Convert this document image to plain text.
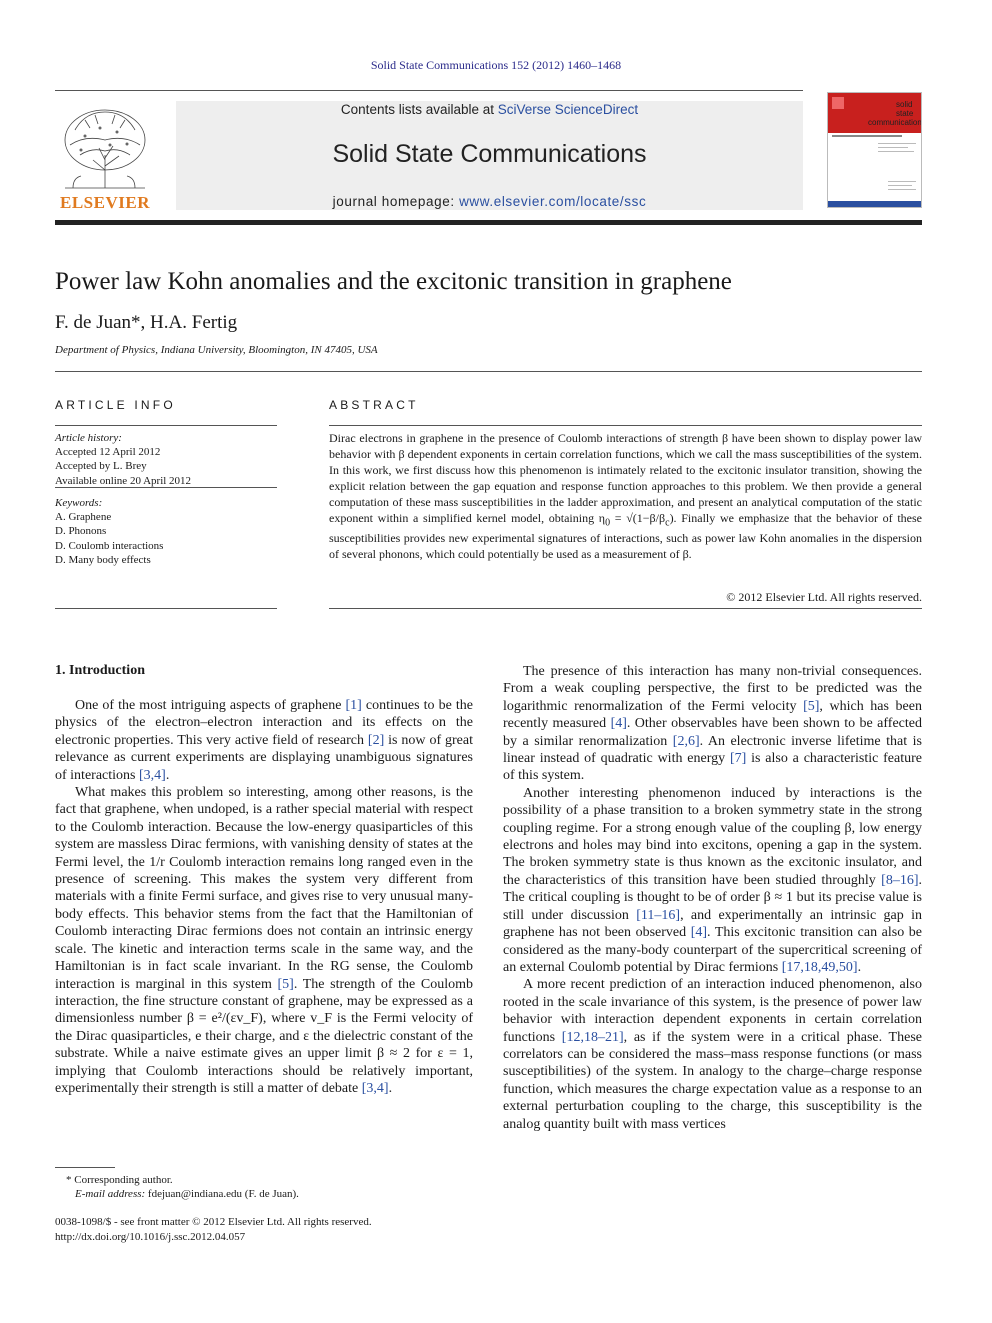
Solid State Communications 152 (2012) 1460–1468
ELSEVIER
Contents lists available at SciVerse ScienceDirect
Solid State Communications
journal homepage: www.elsevier.com/locate/ssc
solid
state
communications
Power law Kohn anomalies and the excitonic transition in graphene
F. de Juan*, H.A. Fertig
Department of Physics, Indiana University, Bloomington, IN 47405, USA
ARTICLE INFO
Article history:
Accepted 12 April 2012
Accepted by L. Brey
Available online 20 April 2012
Keywords:
A. Graphene
D. Phonons
D. Coulomb interactions
D. Many body effects
ABSTRACT
Dirac electrons in graphene in the presence of Coulomb interactions of strength β have been shown to display power law behavior with β dependent exponents in certain correlation functions, which we call the mass susceptibilities of the system. In this work, we first discuss how this phenomenon is intimately related to the excitonic insulator transition, showing the explicit relation between the gap equation and response function approaches to this problem. We then provide a general computation of these mass susceptibilities in the ladder approximation, and present an analytical computation of the static exponent within a simplified kernel model, obtaining $\eta_0 = √(1-\beta/\beta_c)$. Finally we emphasize that the behavior of these susceptibilities provides new experimental signatures of interactions, such as power law Kohn anomalies in the dispersion of several phonons, which could potentially be used as a measurement of β.
© 2012 Elsevier Ltd. All rights reserved.
1. Introduction

One of the most intriguing aspects of graphene [1] continues to be the physics of the electron–electron interaction and its effects on the electronic properties. This very active field of research [2] is now of great relevance as current experiments are displaying unambiguous signatures of interactions [3,4].

What makes this problem so interesting, among other reasons, is the fact that graphene, when undoped, is a rather special material with respect to the Coulomb interaction. Because the low-energy quasiparticles of this system are massless Dirac fermions, with vanishing density of states at the Fermi level, the 1/r Coulomb interaction remains long ranged even in the presence of screening. This makes the system very different from materials with a finite Fermi surface, and gives rise to very unusual many-body effects. This behavior stems from the fact that the Hamiltonian of Coulomb interacting Dirac fermions does not contain an intrinsic energy scale. The kinetic and interaction terms scale in the same way, and the Hamiltonian is in fact scale invariant. In the RG sense, the Coulomb interaction is marginal in this system [5]. The strength of the Coulomb interaction, the fine structure constant of graphene, may be expressed as a dimensionless number β = e²/(εv_F), where v_F is the Fermi velocity of the Dirac quasiparticles, e their charge, and ε the dielectric constant of the substrate. While a naive estimate gives an upper limit β ≈ 2 for ε = 1, implying that Coulomb interactions should be relatively important, experimentally their strength is still a matter of debate [3,4].

The presence of this interaction has many non-trivial consequences. From a weak coupling perspective, the first to be predicted was the logarithmic renormalization of the Fermi velocity [5], which has been recently measured [4]. Other observables have been shown to be affected by a similar renormalization [2,6]. An electronic inverse lifetime that is linear instead of quadratic with energy [7] is also a characteristic feature of this system.

Another interesting phenomenon induced by interactions is the possibility of a phase transition to a broken symmetry state in the strong coupling regime. For a strong enough value of the coupling β, low energy electrons and holes may bind into excitons, opening a gap in the system. The broken symmetry state is thus known as the excitonic insulator, and the characteristics of this transition have been studied throughly [8–16]. The critical coupling is thought to be of order β ≈ 1 but its precise value is still under discussion [11–16], and experimentally an intrinsic gap in graphene has not been observed [4]. This excitonic transition can also be considered as the many-body counterpart of the supercritical screening of an external Coulomb potential by Dirac fermions [17,18,49,50].

A more recent prediction of an interaction induced phenomenon, also rooted in the scale invariance of this system, is the presence of power law behavior with interaction dependent exponents in certain correlation functions [12,18–21], as if the system were in a critical phase. These correlators can be considered the mass–mass response functions (or mass susceptibilities) of the system. In analogy to the charge–charge response function, which measures the charge expectation value as a response to an external perturbation coupling to the charge, this susceptibility is the analog quantity built with mass vertices

* Corresponding author.
E-mail address: fdejuan@indiana.edu (F. de Juan).
0038-1098/$ - see front matter © 2012 Elsevier Ltd. All rights reserved.
http://dx.doi.org/10.1016/j.ssc.2012.04.057
